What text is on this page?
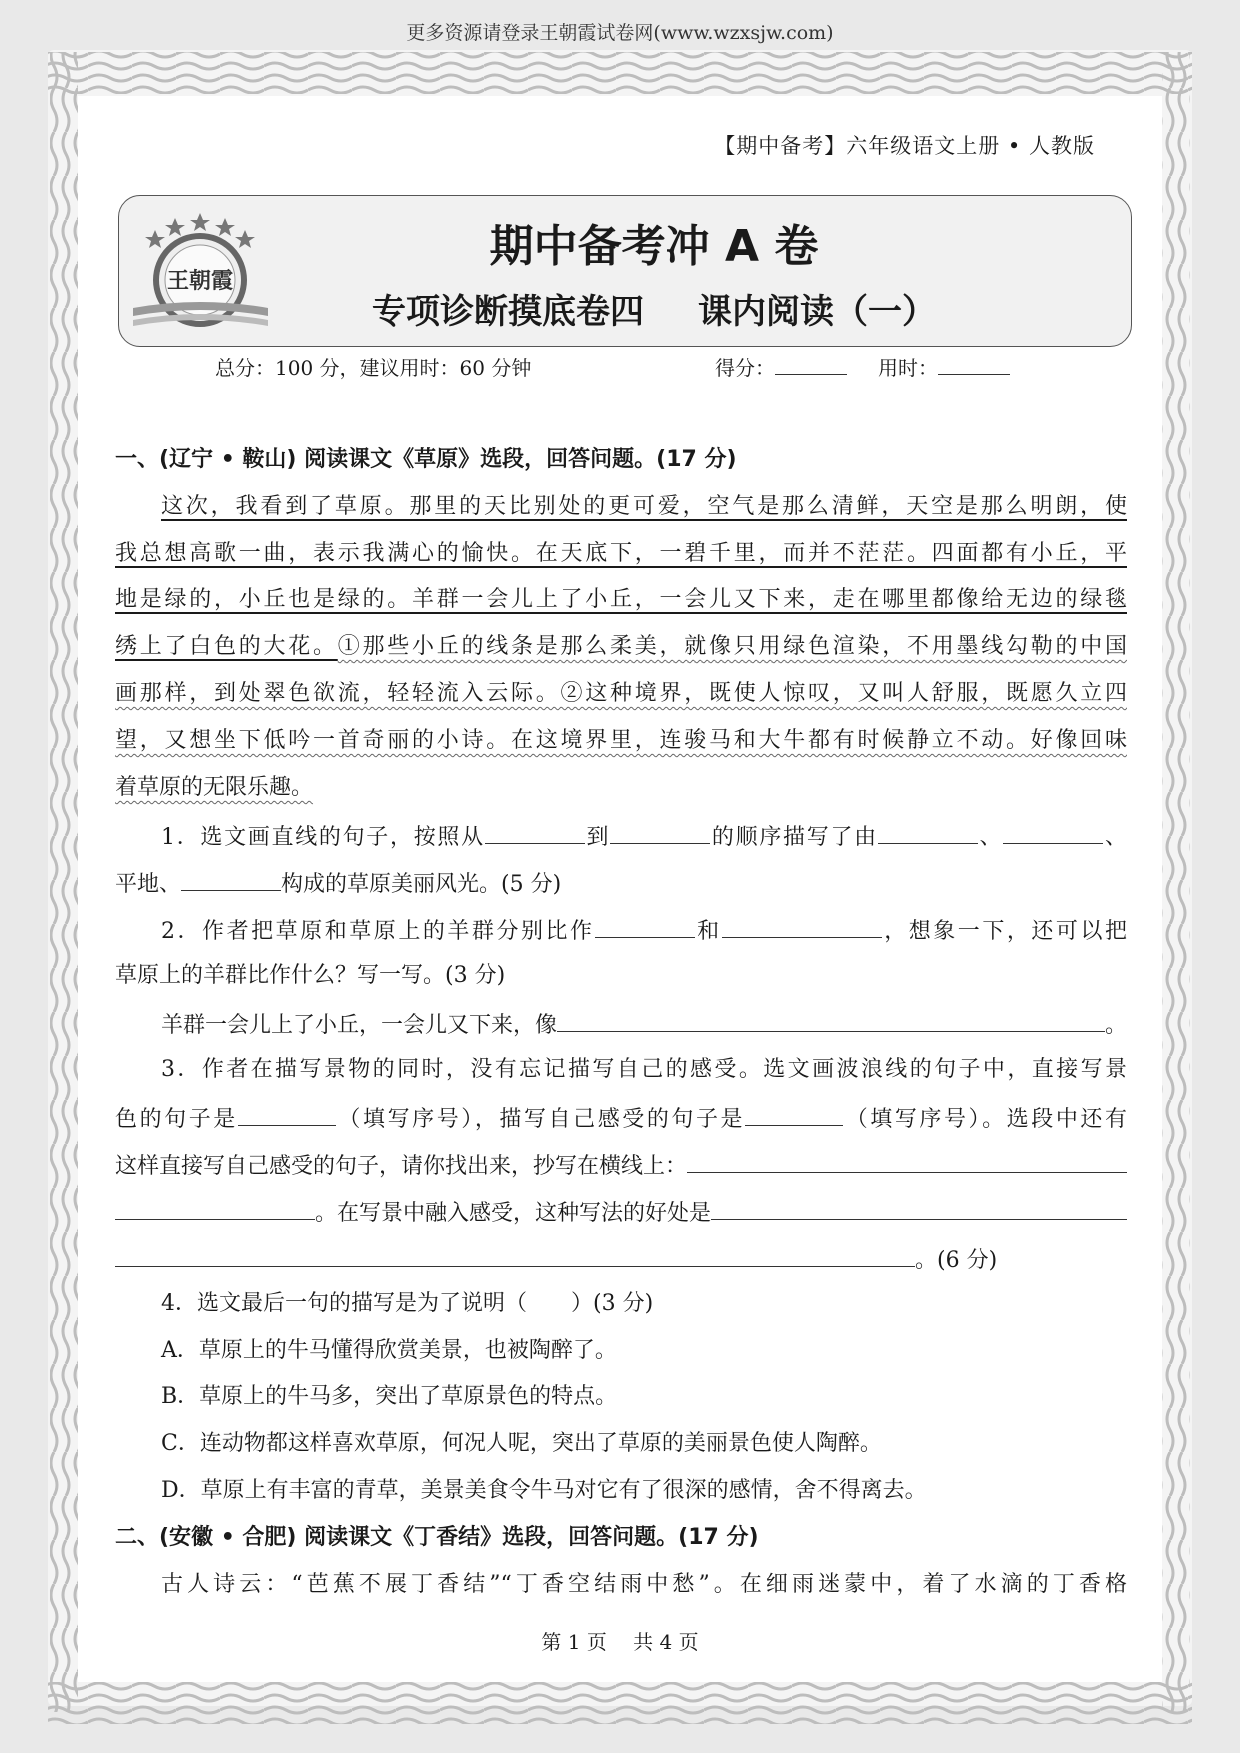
更多资源请登录王朝霞试卷网(www.wzxsjw.com)
【期中备考】六年级语文上册 • 人教版
王朝霞
期中备考冲 A 卷
专项诊断摸底卷四 课内阅读（一）
总分：100 分，建议用时：60 分钟	得分：	用时：
一、(辽宁 • 鞍山) 阅读课文《草原》选段，回答问题。(17 分)
这次，我看到了草原。那里的天比别处的更可爱，空气是那么清鲜，天空是那么明朗，使
我总想高歌一曲，表示我满心的愉快。在天底下，一碧千里，而并不茫茫。四面都有小丘，平
地是绿的，小丘也是绿的。羊群一会儿上了小丘，一会儿又下来，走在哪里都像给无边的绿毯
绣上了白色的大花。①那些小丘的线条是那么柔美，就像只用绿色渲染，不用墨线勾勒的中国
画那样，到处翠色欲流，轻轻流入云际。②这种境界，既使人惊叹，又叫人舒服，既愿久立四
望，又想坐下低吟一首奇丽的小诗。在这境界里，连骏马和大牛都有时候静立不动。好像回味
着草原的无限乐趣。
1．选文画直线的句子，按照从	到	的顺序描写了由	、	、
平地、	构成的草原美丽风光。(5 分)
2．作者把草原和草原上的羊群分别比作	和	，想象一下，还可以把
草原上的羊群比作什么？写一写。(3 分)
羊群一会儿上了小丘，一会儿又下来，像	。
3．作者在描写景物的同时，没有忘记描写自己的感受。选文画波浪线的句子中，直接写景
色的句子是	（填写序号），描写自己感受的句子是	（填写序号）。选段中还有
这样直接写自己感受的句子，请你找出来，抄写在横线上：
。在写景中融入感受，这种写法的好处是
。(6 分)
4．选文最后一句的描写是为了说明（　　）(3 分)
A．草原上的牛马懂得欣赏美景，也被陶醉了。
B．草原上的牛马多，突出了草原景色的特点。
C．连动物都这样喜欢草原，何况人呢，突出了草原的美丽景色使人陶醉。
D．草原上有丰富的青草，美景美食令牛马对它有了很深的感情，舍不得离去。
二、(安徽 • 合肥) 阅读课文《丁香结》选段，回答问题。(17 分)
古人诗云：“芭蕉不展丁香结”“丁香空结雨中愁”。在细雨迷蒙中，着了水滴的丁香格
第 1 页　 共 4 页
